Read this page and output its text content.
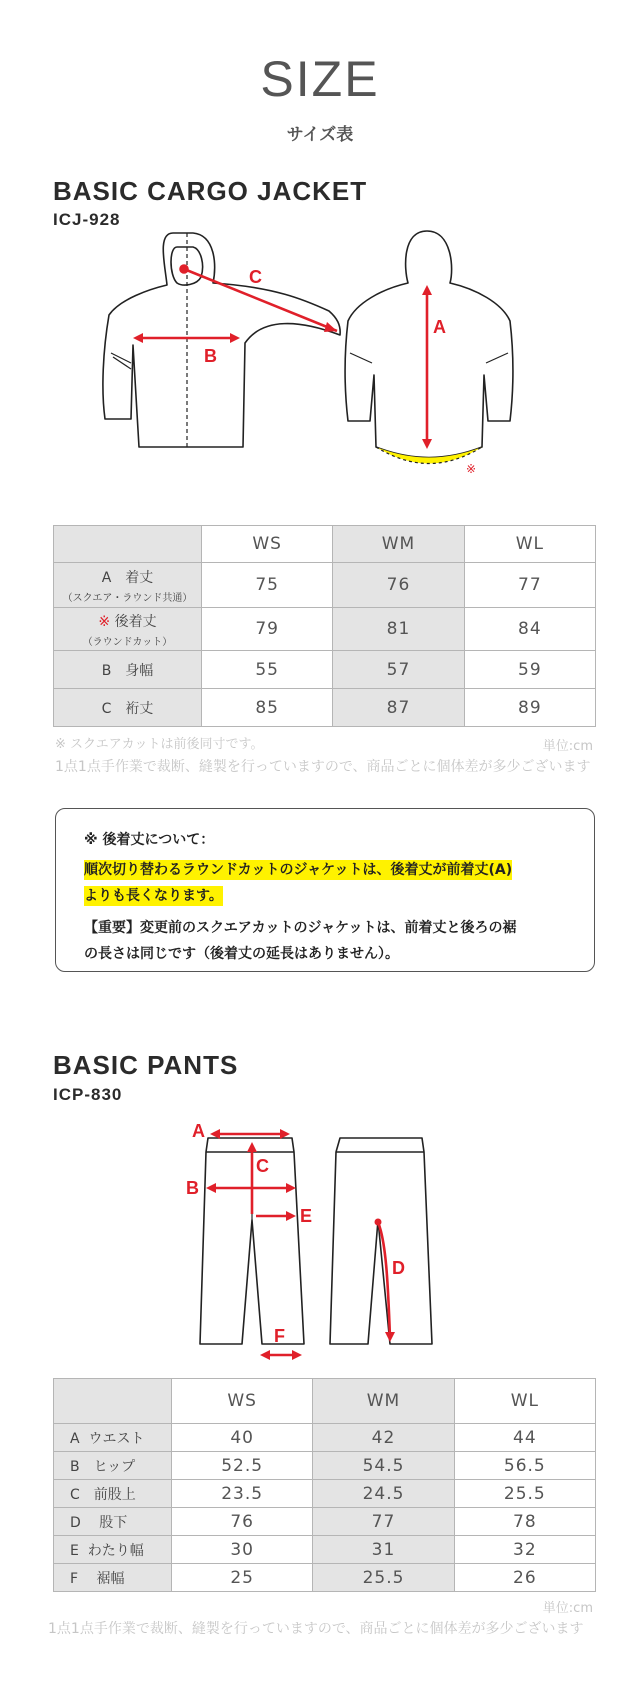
SIZE
サイズ表
BASIC CARGO JACKET
ICJ-928
C
B
A
※
	WS	WM	WL

A　着丈
（スクエア・ラウンド共通）	75	76	77

※ 後着丈
（ラウンドカット）	79	81	84

B　身幅	55	57	59

C　裄丈	85	87	89
※ スクエアカットは前後同寸です。	単位:cm
1点1点手作業で裁断、縫製を行っていますので、商品ごとに個体差が多少ございます
※ 後着丈について：
順次切り替わるラウンドカットのジャケットは、後着丈が前着丈(A)
よりも長くなります。
【重要】変更前のスクエアカットのジャケットは、前着丈と後ろの裾
の長さは同じです（後着丈の延長はありません）。
BASIC PANTS
ICP-830
A
B
C
E
F
D
	WS	WM	WL
A  ウエスト	40	42	44
B　ヒップ	52.5	54.5	56.5
C　前股上	23.5	24.5	25.5
D　 股下	76	77	78
E  わたり幅	30	31	32
F　 裾幅	25	25.5	26
単位:cm
1点1点手作業で裁断、縫製を行っていますので、商品ごとに個体差が多少ございます
